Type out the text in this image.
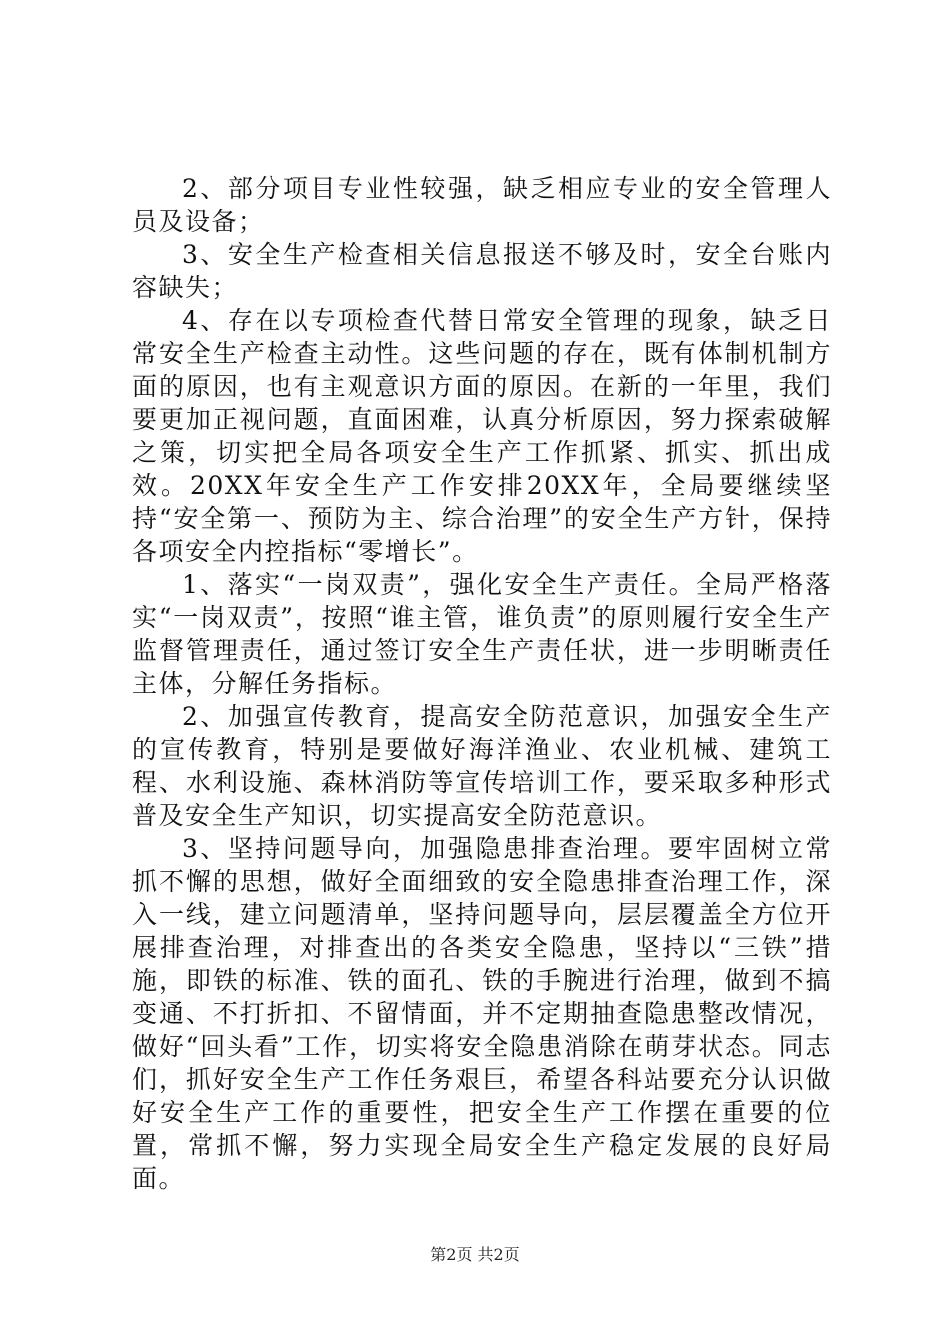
2、部分项目专业性较强，缺乏相应专业的安全管理人员及设备；

3、安全生产检查相关信息报送不够及时，安全台账内容缺失；

4、存在以专项检查代替日常安全管理的现象，缺乏日常安全生产检查主动性。这些问题的存在，既有体制机制方面的原因，也有主观意识方面的原因。在新的一年里，我们要更加正视问题，直面困难，认真分析原因，努力探索破解之策，切实把全局各项安全生产工作抓紧、抓实、抓出成效。20XX年安全生产工作安排20XX年，全局要继续坚持“安全第一、预防为主、综合治理”的安全生产方针，保持各项安全内控指标“零增长”。

1、落实“一岗双责”，强化安全生产责任。全局严格落实“一岗双责”，按照“谁主管，谁负责”的原则履行安全生产监督管理责任，通过签订安全生产责任状，进一步明晰责任主体，分解任务指标。

2、加强宣传教育，提高安全防范意识，加强安全生产的宣传教育，特别是要做好海洋渔业、农业机械、建筑工程、水利设施、森林消防等宣传培训工作，要采取多种形式普及安全生产知识，切实提高安全防范意识。

3、坚持问题导向，加强隐患排查治理。要牢固树立常抓不懈的思想，做好全面细致的安全隐患排查治理工作，深入一线，建立问题清单，坚持问题导向，层层覆盖全方位开展排查治理，对排查出的各类安全隐患，坚持以“三铁”措施，即铁的标准、铁的面孔、铁的手腕进行治理，做到不搞变通、不打折扣、不留情面，并不定期抽查隐患整改情况，做好“回头看”工作，切实将安全隐患消除在萌芽状态。同志们，抓好安全生产工作任务艰巨，希望各科站要充分认识做好安全生产工作的重要性，把安全生产工作摆在重要的位置，常抓不懈，努力实现全局安全生产稳定发展的良好局面。

第2页 共2页
